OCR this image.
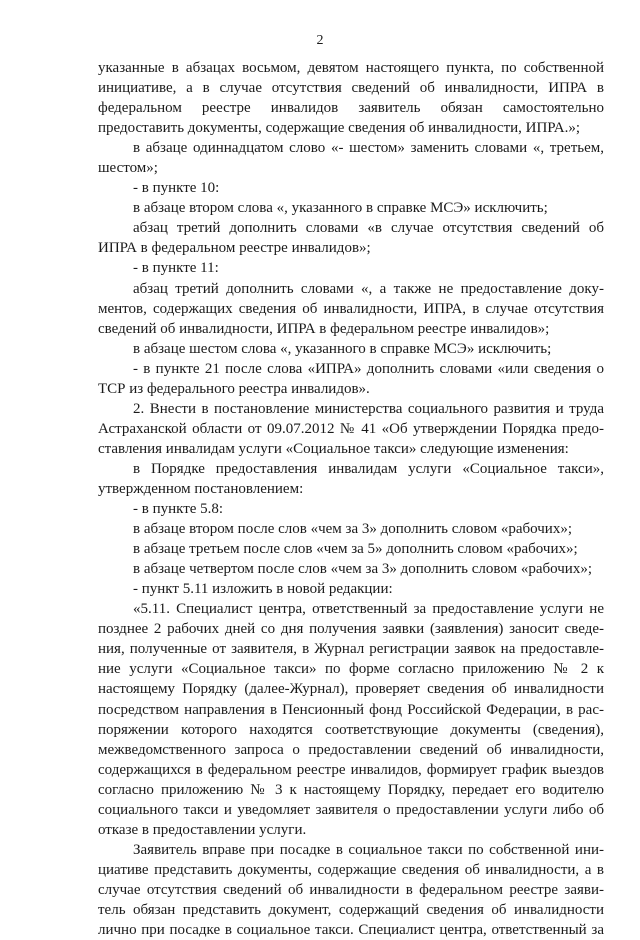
2

указанные в абзацах восьмом, девятом настоящего пункта, по собственной
инициативе, а в случае отсутствия сведений об инвалидности, ИПРА в
федеральном реестре инвалидов заявитель обязан самостоятельно
предоставить документы, содержащие сведения об инвалидности, ИПРА.»;

в абзаце одиннадцатом слово «- шестом» заменить словами «, третьем,
шестом»;

- в пункте 10:

в абзаце втором слова «, указанного в справке МСЭ» исключить;

абзац третий дополнить словами «в случае отсутствия сведений об
ИПРА в федеральном реестре инвалидов»;

- в пункте 11:

абзац третий дополнить словами «, а также не предоставление доку-
ментов, содержащих сведения об инвалидности, ИПРА, в случае отсутствия
сведений об инвалидности, ИПРА в федеральном реестре инвалидов»;

в абзаце шестом слова «, указанного в справке МСЭ» исключить;

- в пункте 21 после слова «ИПРА» дополнить словами «или сведения о
ТСР из федерального реестра инвалидов».

2. Внести в постановление министерства социального развития и труда
Астраханской области от 09.07.2012 № 41 «Об утверждении Порядка предо-
ставления инвалидам услуги «Социальное такси» следующие изменения:

в Порядке предоставления инвалидам услуги «Социальное такси»,
утвержденном постановлением:

- в пункте 5.8:

в абзаце втором после слов «чем за 3» дополнить словом «рабочих»;

в абзаце третьем после слов «чем за 5» дополнить словом «рабочих»;

в абзаце четвертом после слов «чем за 3» дополнить словом «рабочих»;

- пункт 5.11 изложить в новой редакции:

«5.11. Специалист центра, ответственный за предоставление услуги не
позднее 2 рабочих дней со дня получения заявки (заявления) заносит сведе-
ния, полученные от заявителя, в Журнал регистрации заявок на предоставле-
ние услуги «Социальное такси» по форме согласно приложению № 2 к
настоящему Порядку (далее-Журнал), проверяет сведения об инвалидности
посредством направления в Пенсионный фонд Российской Федерации, в рас-
поряжении которого находятся соответствующие документы (сведения),
межведомственного запроса о предоставлении сведений об инвалидности,
содержащихся в федеральном реестре инвалидов, формирует график выездов
согласно приложению № 3 к настоящему Порядку, передает его водителю
социального такси и уведомляет заявителя о предоставлении услуги либо об
отказе в предоставлении услуги.

Заявитель вправе при посадке в социальное такси по собственной ини-
циативе представить документы, содержащие сведения об инвалидности, а в
случае отсутствия сведений об инвалидности в федеральном реестре заяви-
тель обязан представить документ, содержащий сведения об инвалидности
лично при посадке в социальное такси. Специалист центра, ответственный за
